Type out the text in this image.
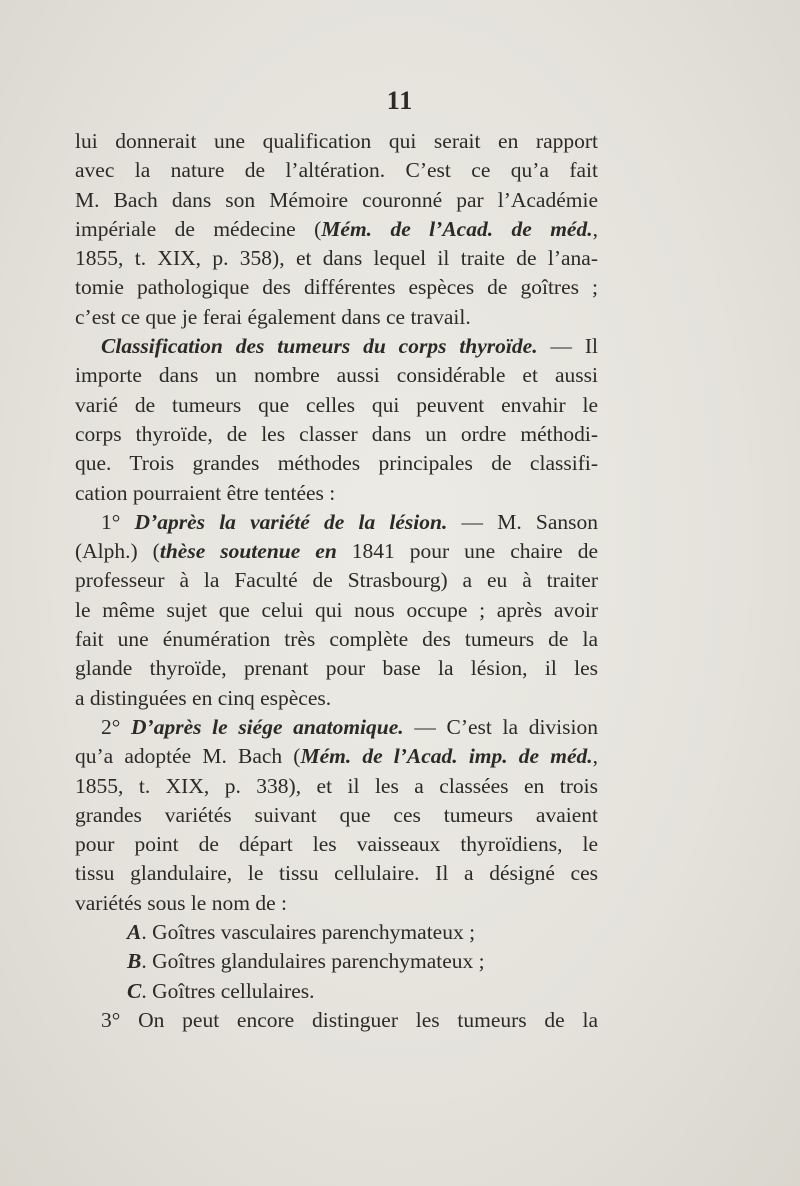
11
lui donnerait une qualification qui serait en rapport
avec la nature de l’altération. C’est ce qu’a fait
M. Bach dans son Mémoire couronné par l’Académie
impériale de médecine (Mém. de l’Acad. de méd.,
1855, t. XIX, p. 358), et dans lequel il traite de l’ana-
tomie pathologique des différentes espèces de goîtres ;
c’est ce que je ferai également dans ce travail.
Classification des tumeurs du corps thyroïde. — Il
importe dans un nombre aussi considérable et aussi
varié de tumeurs que celles qui peuvent envahir le
corps thyroïde, de les classer dans un ordre méthodi-
que. Trois grandes méthodes principales de classifi-
cation pourraient être tentées :
1° D’après la variété de la lésion. — M. Sanson
(Alph.) (thèse soutenue en 1841 pour une chaire de
professeur à la Faculté de Strasbourg) a eu à traiter
le même sujet que celui qui nous occupe ; après avoir
fait une énumération très complète des tumeurs de la
glande thyroïde, prenant pour base la lésion, il les
a distinguées en cinq espèces.
2° D’après le siége anatomique. — C’est la division
qu’a adoptée M. Bach (Mém. de l’Acad. imp. de méd.,
1855, t. XIX, p. 338), et il les a classées en trois
grandes variétés suivant que ces tumeurs avaient
pour point de départ les vaisseaux thyroïdiens, le
tissu glandulaire, le tissu cellulaire. Il a désigné ces
variétés sous le nom de :
A. Goîtres vasculaires parenchymateux ;
B. Goîtres glandulaires parenchymateux ;
C. Goîtres cellulaires.
3° On peut encore distinguer les tumeurs de la
